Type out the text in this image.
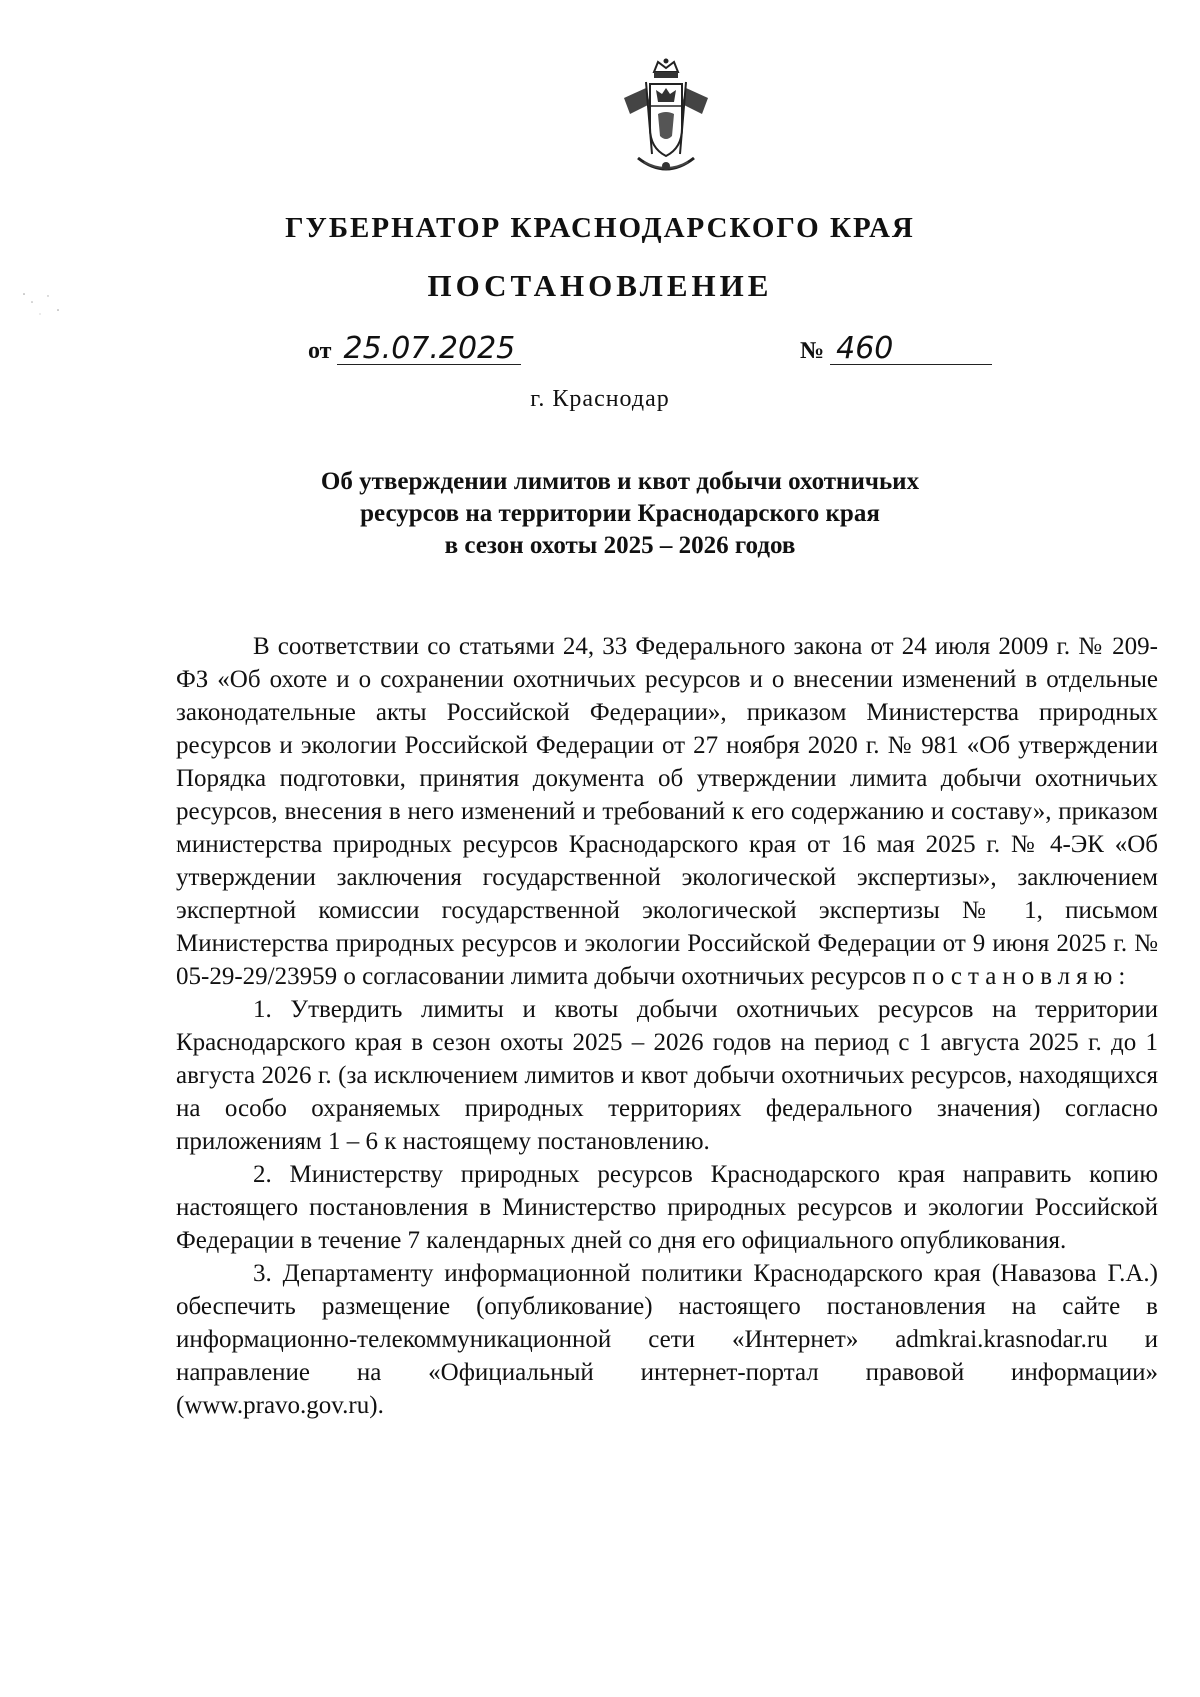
ГУБЕРНАТОР КРАСНОДАРСКОГО КРАЯ
ПОСТАНОВЛЕНИЕ
от 25.07.2025	№ 460
г. Краснодар
Об утверждении лимитов и квот добычи охотничьих
ресурсов на территории Краснодарского края
в сезон охоты 2025 – 2026 годов

В соответствии со статьями 24, 33 Федерального закона от 24 июля 2009 г. № 209-ФЗ «Об охоте и о сохранении охотничьих ресурсов и о внесении изменений в отдельные законодательные акты Российской Федерации», приказом Министерства природных ресурсов и экологии Российской Федерации от 27 ноября 2020 г. № 981 «Об утверждении Порядка подготовки, принятия документа об утверждении лимита добычи охотничьих ресурсов, внесения в него изменений и требований к его содержанию и составу», приказом министерства природных ресурсов Краснодарского края от 16 мая 2025 г. № 4-ЭК «Об утверждении заключения государственной экологической экспертизы», заключением экспертной комиссии государственной экологической экспертизы № 1, письмом Министерства природных ресурсов и экологии Российской Федерации от 9 июня 2025 г. № 05-29-29/23959 о согласовании лимита добычи охотничьих ресурсов постановляю:

1. Утвердить лимиты и квоты добычи охотничьих ресурсов на территории Краснодарского края в сезон охоты 2025 – 2026 годов на период с 1 августа 2025 г. до 1 августа 2026 г. (за исключением лимитов и квот добычи охотничьих ресурсов, находящихся на особо охраняемых природных территориях федерального значения) согласно приложениям 1 – 6 к настоящему постановлению.

2. Министерству природных ресурсов Краснодарского края направить копию настоящего постановления в Министерство природных ресурсов и экологии Российской Федерации в течение 7 календарных дней со дня его официального опубликования.

3. Департаменту информационной политики Краснодарского края (Навазова Г.А.) обеспечить размещение (опубликование) настоящего постановления на сайте в информационно-телекоммуникационной сети «Интернет» admkrai.krasnodar.ru и направление на «Официальный интернет-портал правовой информации» (www.pravo.gov.ru).
